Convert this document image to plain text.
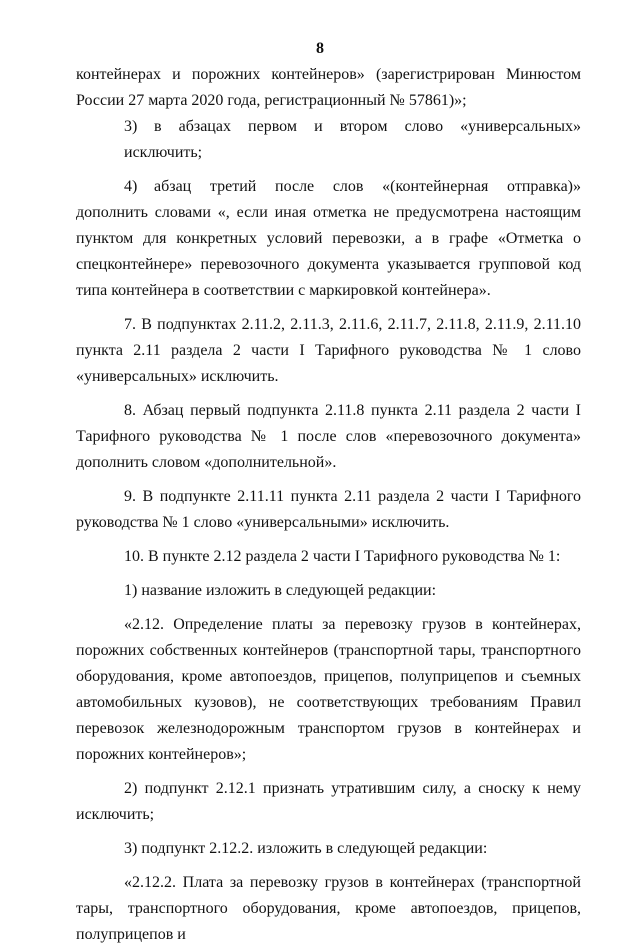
8

контейнерах и порожних контейнеров» (зарегистрирован Минюстом России 27 марта 2020 года, регистрационный № 57861)»;

3) в абзацах первом и втором слово «универсальных» исключить;

4) абзац третий после слов «(контейнерная отправка)» дополнить словами «, если иная отметка не предусмотрена настоящим пунктом для конкретных условий перевозки, а в графе «Отметка о спецконтейнере» перевозочного документа указывается групповой код типа контейнера в соответствии с маркировкой контейнера».

7. В подпунктах 2.11.2, 2.11.3, 2.11.6, 2.11.7, 2.11.8, 2.11.9, 2.11.10 пункта 2.11 раздела 2 части I Тарифного руководства № 1 слово «универсальных» исключить.

8. Абзац первый подпункта 2.11.8 пункта 2.11 раздела 2 части I Тарифного руководства № 1 после слов «перевозочного документа» дополнить словом «дополнительной».

9. В подпункте 2.11.11 пункта 2.11 раздела 2 части I Тарифного руководства № 1 слово «универсальными» исключить.

10. В пункте 2.12 раздела 2 части I Тарифного руководства № 1:

1) название изложить в следующей редакции:

«2.12. Определение платы за перевозку грузов в контейнерах, порожних собственных контейнеров (транспортной тары, транспортного оборудования, кроме автопоездов, прицепов, полуприцепов и съемных автомобильных кузовов), не соответствующих требованиям Правил перевозок железнодорожным транспортом грузов в контейнерах и порожних контейнеров»;

2) подпункт 2.12.1 признать утратившим силу, а сноску к нему исключить;

3) подпункт 2.12.2. изложить в следующей редакции:

«2.12.2. Плата за перевозку грузов в контейнерах (транспортной тары, транспортного оборудования, кроме автопоездов, прицепов, полуприцепов и
